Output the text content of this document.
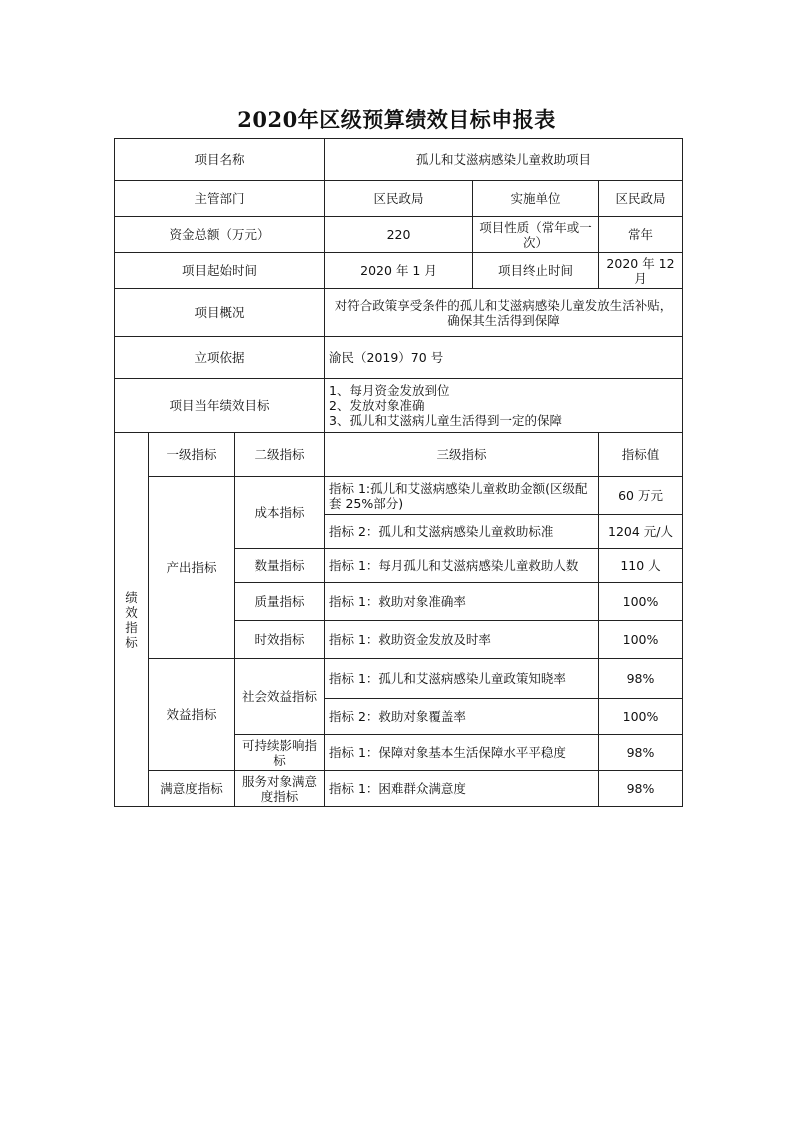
2020年区级预算绩效目标申报表
项目名称			孤儿和艾滋病感染儿童救助项目		
主管部门			区民政局	实施单位	区民政局
资金总额（万元）			220	项目性质（常年或一次）	常年
项目起始时间			2020 年 1 月	项目终止时间	2020 年 12 月
项目概况			对符合政策享受条件的孤儿和艾滋病感染儿童发放生活补贴，确保其生活得到保障		
立项依据			渝民（2019）70 号		
项目当年绩效目标			1、每月资金发放到位
2、发放对象准确
3、孤儿和艾滋病儿童生活得到一定的保障		

绩
效
指
标	一级指标	二级指标	三级指标		指标值
	产出指标	成本指标	指标 1:孤儿和艾滋病感染儿童救助金额(区级配套 25%部分)		60 万元
			指标 2：孤儿和艾滋病感染儿童救助标准		1204 元/人
		数量指标	指标 1：每月孤儿和艾滋病感染儿童救助人数		110 人
		质量指标	指标 1：救助对象准确率		100%
		时效指标	指标 1：救助资金发放及时率		100%
	效益指标	社会效益指标	指标 1：孤儿和艾滋病感染儿童政策知晓率		98%
			指标 2：救助对象覆盖率		100%
		可持续影响指标	指标 1：保障对象基本生活保障水平平稳度		98%
	满意度指标	服务对象满意度指标	指标 1：困难群众满意度		98%
